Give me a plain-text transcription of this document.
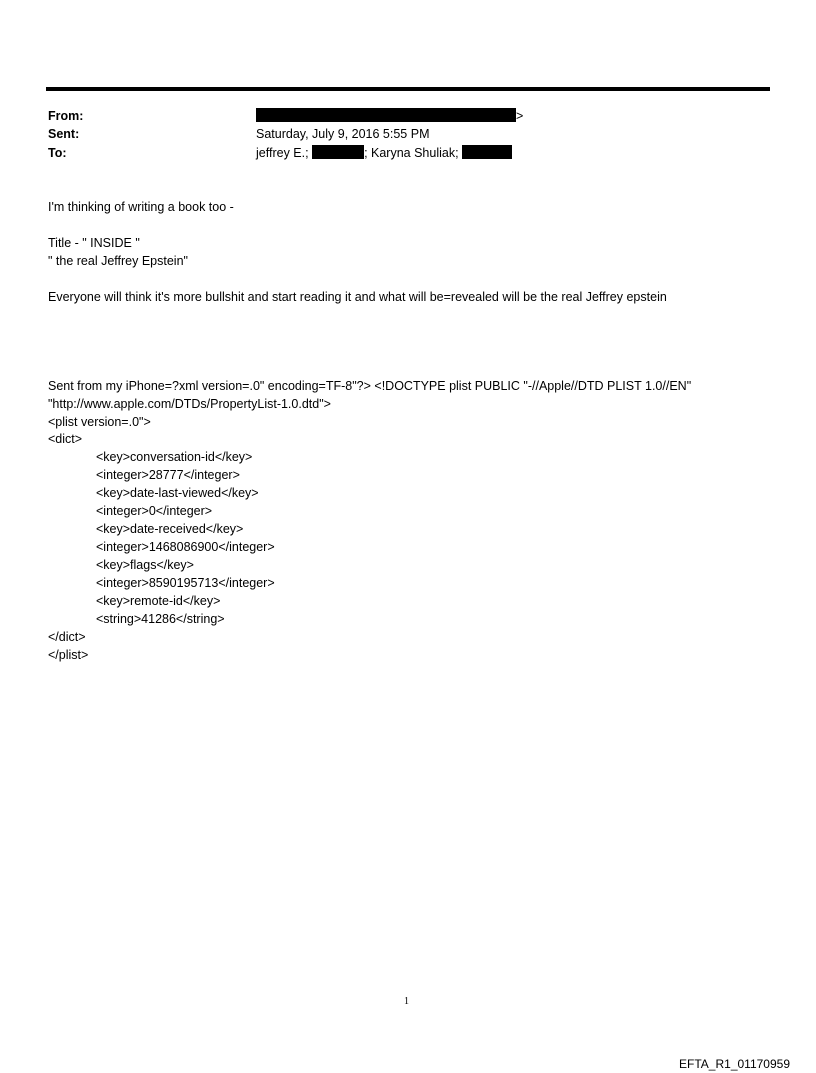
From:	>
Sent:	Saturday, July 9, 2016 5:55 PM
To:	jeffrey E.;	; Karyna Shuliak;
I'm thinking of writing a book too -
Title - " INSIDE "
" the real Jeffrey Epstein"
Everyone will think it's more bullshit and start reading it and what will be=revealed will be the real Jeffrey epstein
Sent from my iPhone=?xml version=.0" encoding=TF-8"?> <!DOCTYPE plist PUBLIC "-//Apple//DTD PLIST 1.0//EN"
"http://www.apple.com/DTDs/PropertyList-1.0.dtd">
<plist version=.0">
<dict>
<key>conversation-id</key>
<integer>28777</integer>
<key>date-last-viewed</key>
<integer>0</integer>
<key>date-received</key>
<integer>1468086900</integer>
<key>flags</key>
<integer>8590195713</integer>
<key>remote-id</key>
<string>41286</string>
</dict>
</plist>
1
EFTA_R1_01170959
